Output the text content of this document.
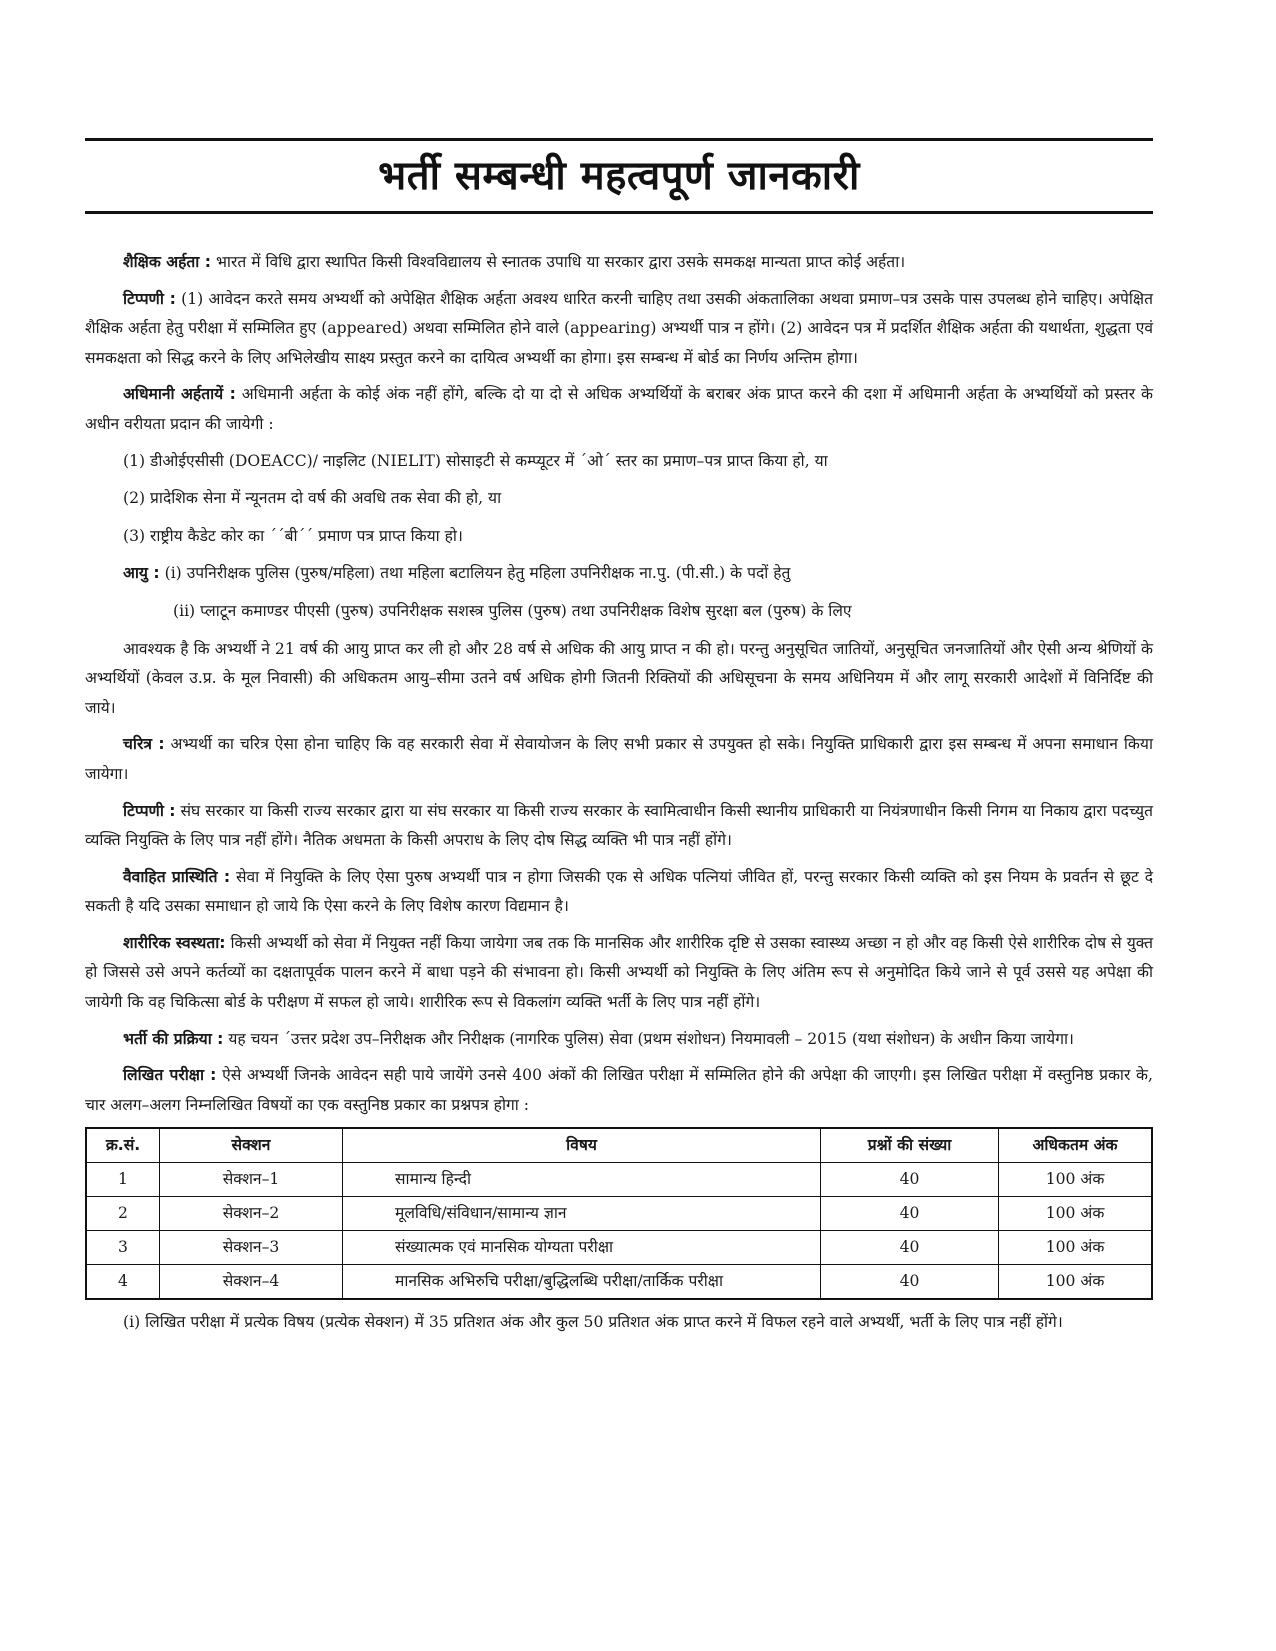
भर्ती सम्बन्धी महत्वपूर्ण जानकारी

शैक्षिक अर्हता : भारत में विधि द्वारा स्थापित किसी विश्वविद्यालय से स्नातक उपाधि या सरकार द्वारा उसके समकक्ष मान्यता प्राप्त कोई अर्हता।

टिप्पणी : (1) आवेदन करते समय अभ्यर्थी को अपेक्षित शैक्षिक अर्हता अवश्य धारित करनी चाहिए तथा उसकी अंकतालिका अथवा प्रमाण–पत्र उसके पास उपलब्ध होने चाहिए। अपेक्षित शैक्षिक अर्हता हेतु परीक्षा में सम्मिलित हुए (appeared) अथवा सम्मिलित होने वाले (appearing) अभ्यर्थी पात्र न होंगे। (2) आवेदन पत्र में प्रदर्शित शैक्षिक अर्हता की यथार्थता, शुद्धता एवं समकक्षता को सिद्ध करने के लिए अभिलेखीय साक्ष्य प्रस्तुत करने का दायित्व अभ्यर्थी का होगा। इस सम्बन्ध में बोर्ड का निर्णय अन्तिम होगा।

अधिमानी अर्हतायें : अधिमानी अर्हता के कोई अंक नहीं होंगे, बल्कि दो या दो से अधिक अभ्यर्थियों के बराबर अंक प्राप्त करने की दशा में अधिमानी अर्हता के अभ्यर्थियों को प्रस्तर के अधीन वरीयता प्रदान की जायेगी :

(1) डीओईएसीसी (DOEACC)/ नाइलिट (NIELIT) सोसाइटी से कम्प्यूटर में ´ओ´ स्तर का प्रमाण–पत्र प्राप्त किया हो, या
(2) प्रादेशिक सेना में न्यूनतम दो वर्ष की अवधि तक सेवा की हो, या
(3) राष्ट्रीय कैडेट कोर का ´´बी´´ प्रमाण पत्र प्राप्त किया हो।
आयु : (i) उपनिरीक्षक पुलिस (पुरुष/महिला) तथा महिला बटालियन हेतु महिला उपनिरीक्षक ना.पु. (पी.सी.) के पदों हेतु
(ii) प्लाटून कमाण्डर पीएसी (पुरुष) उपनिरीक्षक सशस्त्र पुलिस (पुरुष) तथा उपनिरीक्षक विशेष सुरक्षा बल (पुरुष) के लिए

आवश्यक है कि अभ्यर्थी ने 21 वर्ष की आयु प्राप्त कर ली हो और 28 वर्ष से अधिक की आयु प्राप्त न की हो। परन्तु अनुसूचित जातियों, अनुसूचित जनजातियों और ऐसी अन्य श्रेणियों के अभ्यर्थियों (केवल उ.प्र. के मूल निवासी) की अधिकतम आयु–सीमा उतने वर्ष अधिक होगी जितनी रिक्तियों की अधिसूचना के समय अधिनियम में और लागू सरकारी आदेशों में विनिर्दिष्ट की जाये।

चरित्र : अभ्यर्थी का चरित्र ऐसा होना चाहिए कि वह सरकारी सेवा में सेवायोजन के लिए सभी प्रकार से उपयुक्त हो सके। नियुक्ति प्राधिकारी द्वारा इस सम्बन्ध में अपना समाधान किया जायेगा।

टिप्पणी : संघ सरकार या किसी राज्य सरकार द्वारा या संघ सरकार या किसी राज्य सरकार के स्वामित्वाधीन किसी स्थानीय प्राधिकारी या नियंत्रणाधीन किसी निगम या निकाय द्वारा पदच्युत व्यक्ति नियुक्ति के लिए पात्र नहीं होंगे। नैतिक अधमता के किसी अपराध के लिए दोष सिद्ध व्यक्ति भी पात्र नहीं होंगे।

वैवाहित प्रास्थिति : सेवा में नियुक्ति के लिए ऐसा पुरुष अभ्यर्थी पात्र न होगा जिसकी एक से अधिक पत्नियां जीवित हों, परन्तु सरकार किसी व्यक्ति को इस नियम के प्रवर्तन से छूट दे सकती है यदि उसका समाधान हो जाये कि ऐसा करने के लिए विशेष कारण विद्यमान है।

शारीरिक स्वस्थता: किसी अभ्यर्थी को सेवा में नियुक्त नहीं किया जायेगा जब तक कि मानसिक और शारीरिक दृष्टि से उसका स्वास्थ्य अच्छा न हो और वह किसी ऐसे शारीरिक दोष से युक्त हो जिससे उसे अपने कर्तव्यों का दक्षतापूर्वक पालन करने में बाधा पड़ने की संभावना हो। किसी अभ्यर्थी को नियुक्ति के लिए अंतिम रूप से अनुमोदित किये जाने से पूर्व उससे यह अपेक्षा की जायेगी कि वह चिकित्सा बोर्ड के परीक्षण में सफल हो जाये। शारीरिक रूप से विकलांग व्यक्ति भर्ती के लिए पात्र नहीं होंगे।

भर्ती की प्रक्रिया : यह चयन ´उत्तर प्रदेश उप–निरीक्षक और निरीक्षक (नागरिक पुलिस) सेवा (प्रथम संशोधन) नियमावली – 2015 (यथा संशोधन) के अधीन किया जायेगा।

लिखित परीक्षा : ऐसे अभ्यर्थी जिनके आवेदन सही पाये जायेंगे उनसे 400 अंकों की लिखित परीक्षा में सम्मिलित होने की अपेक्षा की जाएगी। इस लिखित परीक्षा में वस्तुनिष्ठ प्रकार के, चार अलग–अलग निम्नलिखित विषयों का एक वस्तुनिष्ठ प्रकार का प्रश्नपत्र होगा :

क्र.सं.	सेक्शन	विषय	प्रश्नों की संख्या	अधिकतम अंक
1	सेक्शन–1	सामान्य हिन्दी	40	100 अंक
2	सेक्शन–2	मूलविधि/संविधान/सामान्य ज्ञान	40	100 अंक
3	सेक्शन–3	संख्यात्मक एवं मानसिक योग्यता परीक्षा	40	100 अंक
4	सेक्शन–4	मानसिक अभिरुचि परीक्षा/बुद्धिलब्धि परीक्षा/तार्किक परीक्षा	40	100 अंक

(i) लिखित परीक्षा में प्रत्येक विषय (प्रत्येक सेक्शन) में 35 प्रतिशत अंक और कुल 50 प्रतिशत अंक प्राप्त करने में विफल रहने वाले अभ्यर्थी, भर्ती के लिए पात्र नहीं होंगे।
